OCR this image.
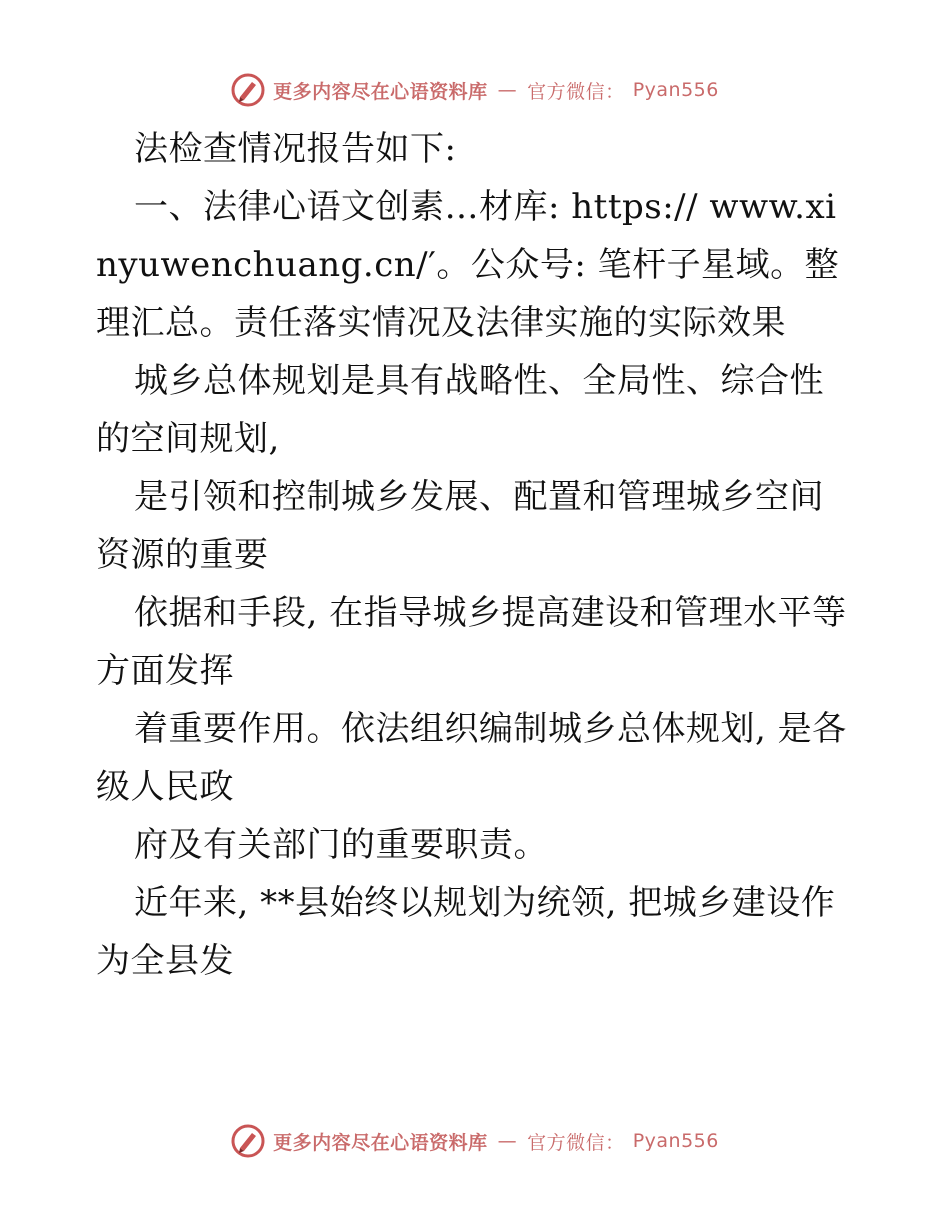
更多内容尽在心语资料库 — 官方微信： Pyan556

法检查情况报告如下:

一、法律心语文创素…材库: https:// www.xinyuwenchuang.cn/′。公众号: 笔杆子星域。整理汇总。责任落实情况及法律实施的实际效果

城乡总体规划是具有战略性、全局性、综合性的空间规划,

是引领和控制城乡发展、配置和管理城乡空间资源的重要

依据和手段, 在指导城乡提高建设和管理水平等方面发挥

着重要作用。依法组织编制城乡总体规划, 是各级人民政

府及有关部门的重要职责。

近年来, **县始终以规划为统领, 把城乡建设作为全县发

更多内容尽在心语资料库 — 官方微信： Pyan556
